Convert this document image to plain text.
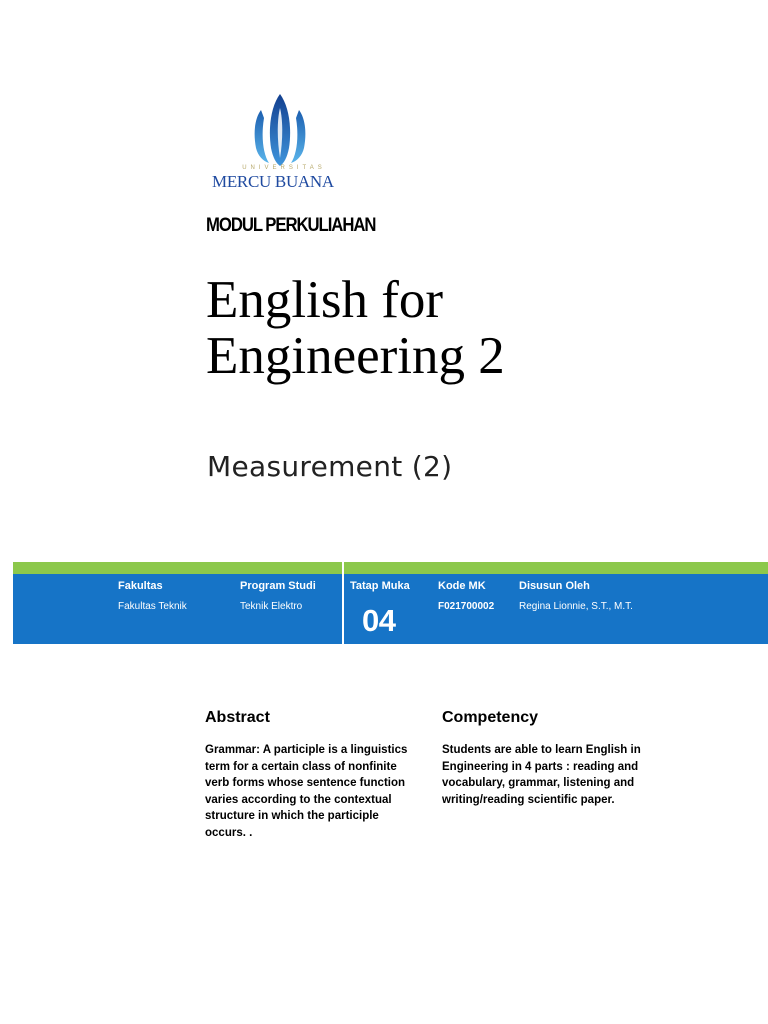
UNIVERSITAS
MERCU BUANA
MODUL PERKULIAHAN
English for
Engineering 2
Measurement (2)
Fakultas
Fakultas Teknik
Program Studi
Teknik Elektro
Tatap Muka
04
Kode MK
F021700002
Disusun Oleh
Regina Lionnie, S.T., M.T.
Abstract
Grammar: A participle is a linguistics term for a certain class of nonfinite verb forms whose sentence function varies according to the contextual structure in which the participle occurs. .
Competency
Students are able to learn English in Engineering in 4 parts : reading and vocabulary, grammar, listening and writing/reading scientific paper.
